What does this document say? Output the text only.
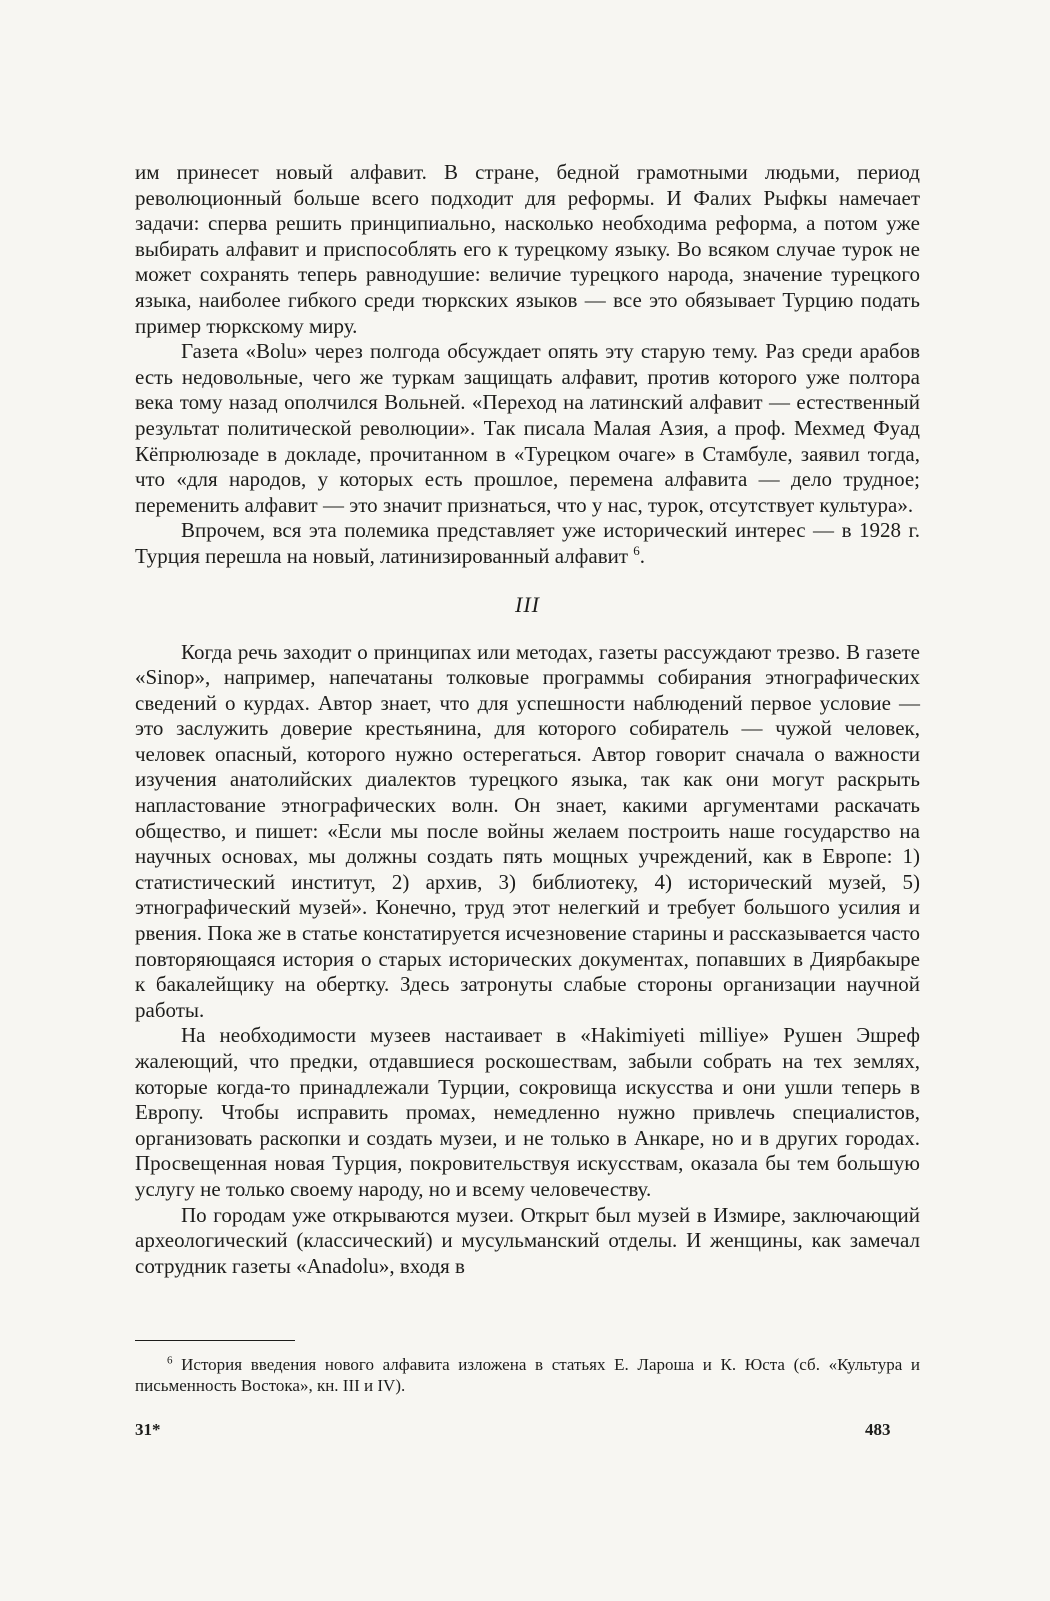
им принесет новый алфавит. В стране, бедной грамотными людьми, период революционный больше всего подходит для реформы. И Фалих Рыфкы намечает задачи: сперва решить принципиально, насколько необходима реформа, а потом уже выбирать алфавит и приспособлять его к турецкому языку. Во всяком случае турок не может сохранять теперь равнодушие: величие турецкого народа, значение турецкого языка, наиболее гибкого среди тюркских языков — все это обязывает Турцию подать пример тюркскому миру.

Газета «Bolu» через полгода обсуждает опять эту старую тему. Раз среди арабов есть недовольные, чего же туркам защищать алфавит, против которого уже полтора века тому назад ополчился Вольней. «Переход на латинский алфавит — естественный результат политической революции». Так писала Малая Азия, а проф. Мехмед Фуад Кёпрюлюзаде в докладе, прочитанном в «Турецком очаге» в Стамбуле, заявил тогда, что «для народов, у которых есть прошлое, перемена алфавита — дело трудное; переменить алфавит — это значит признаться, что у нас, турок, отсутствует культура».

Впрочем, вся эта полемика представляет уже исторический интерес — в 1928 г. Турция перешла на новый, латинизированный алфавит $^6$.

III

Когда речь заходит о принципах или методах, газеты рассуждают трезво. В газете «Sinop», например, напечатаны толковые программы собирания этнографических сведений о курдах. Автор знает, что для успешности наблюдений первое условие — это заслужить доверие крестьянина, для которого собиратель — чужой человек, человек опасный, которого нужно остерегаться. Автор говорит сначала о важности изучения анатолийских диалектов турецкого языка, так как они могут раскрыть напластование этнографических волн. Он знает, какими аргументами раскачать общество, и пишет: «Если мы после войны желаем построить наше государство на научных основах, мы должны создать пять мощных учреждений, как в Европе: 1) статистический институт, 2) архив, 3) библиотеку, 4) исторический музей, 5) этнографический музей». Конечно, труд этот нелегкий и требует большого усилия и рвения. Пока же в статье констатируется исчезновение старины и рассказывается часто повторяющаяся история о старых исторических документах, попавших в Диярбакыре к бакалейщику на обертку. Здесь затронуты слабые стороны организации научной работы.

На необходимости музеев настаивает в «Hakimiyeti milliye» Рушен Эшреф жалеющий, что предки, отдавшиеся роскошествам, забыли собрать на тех землях, которые когда-то принадлежали Турции, сокровища искусства и они ушли теперь в Европу. Чтобы исправить промах, немедленно нужно привлечь специалистов, организовать раскопки и создать музеи, и не только в Анкаре, но и в других городах. Просвещенная новая Турция, покровительствуя искусствам, оказала бы тем большую услугу не только своему народу, но и всему человечеству.

По городам уже открываются музеи. Открыт был музей в Измире, заключающий археологический (классический) и мусульманский отделы. И женщины, как замечал сотрудник газеты «Anadolu», входя в

$^6$ История введения нового алфавита изложена в статьях Е. Лароша и К. Юста (сб. «Культура и письменность Востока», кн. III и IV).

31*	483
